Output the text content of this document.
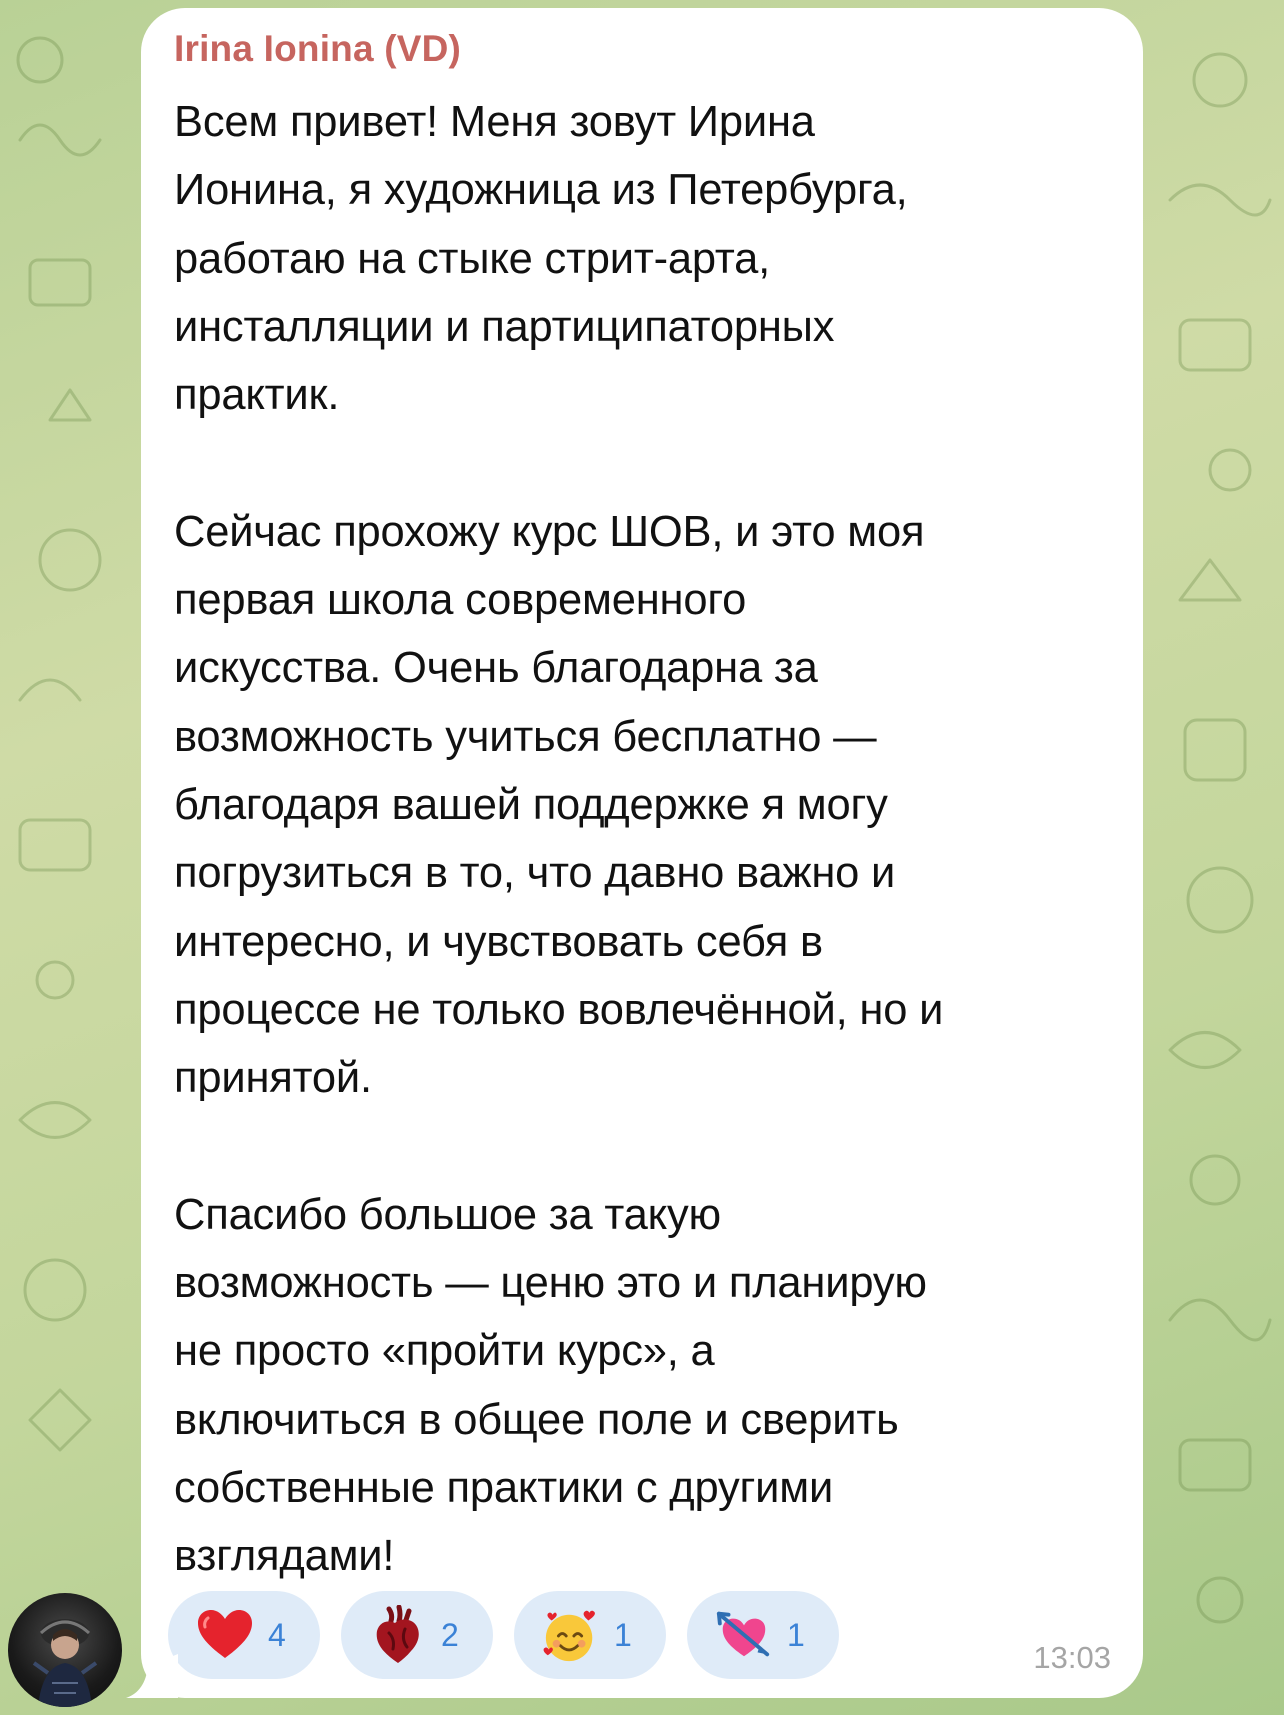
Irina Ionina (VD)
Всем привет! Меня зовут Ирина
Ионина, я художница из Петербурга,
работаю на стыке стрит-арта,
инсталляции и партиципаторных
практик.

Сейчас прохожу курс ШОВ, и это моя
первая школа современного
искусства. Очень благодарна за
возможность учиться бесплатно —
благодаря вашей поддержке я могу
погрузиться в то, что давно важно и
интересно, и чувствовать себя в
процессе не только вовлечённой, но и
принятой.

Спасибо большое за такую
возможность — ценю это и планирую
не просто «пройти курс», а
включиться в общее поле и сверить
собственные практики с другими
взглядами!
4	2	1	1
13:03
